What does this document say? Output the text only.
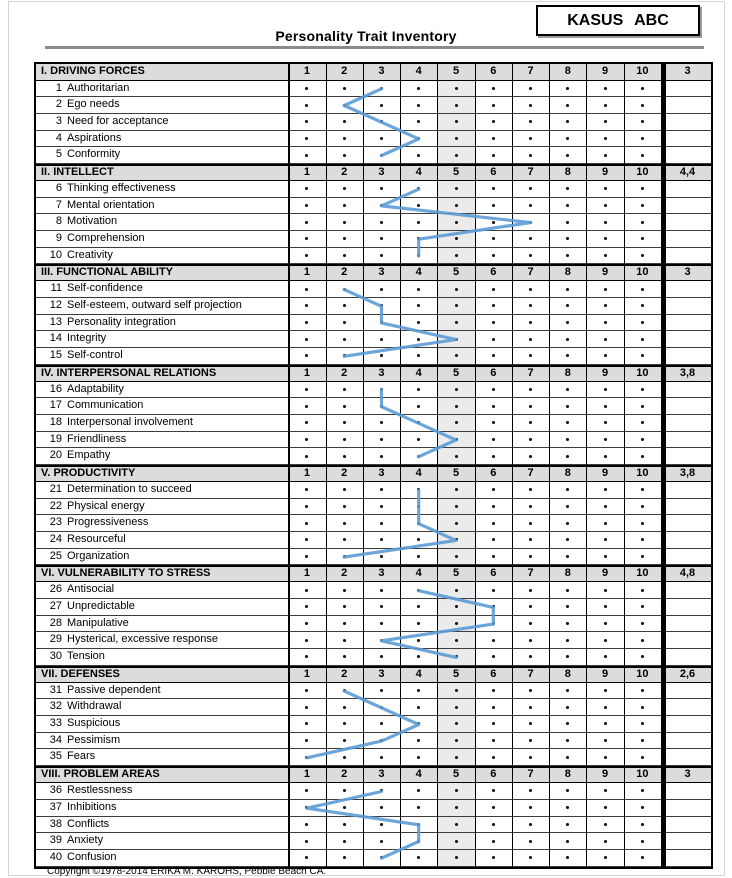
Personality Trait Inventory
KASUS ABC
I. DRIVING FORCES	1	2	3	4	5	6	7	8	9	10	3
1 Authoritarian
2 Ego needs
3 Need for acceptance
4 Aspirations
5 Conformity
II. INTELLECT	1	2	3	4	5	6	7	8	9	10	4,4
6 Thinking effectiveness
7 Mental orientation
8 Motivation
9 Comprehension
10 Creativity
III. FUNCTIONAL ABILITY	1	2	3	4	5	6	7	8	9	10	3
11 Self-confidence
12 Self-esteem, outward self projection
13 Personality integration
14 Integrity
15 Self-control
IV. INTERPERSONAL RELATIONS	1	2	3	4	5	6	7	8	9	10	3,8
16 Adaptability
17 Communication
18 Interpersonal involvement
19 Friendliness
20 Empathy
V. PRODUCTIVITY	1	2	3	4	5	6	7	8	9	10	3,8
21 Determination to succeed
22 Physical energy
23 Progressiveness
24 Resourceful
25 Organization
VI. VULNERABILITY TO STRESS	1	2	3	4	5	6	7	8	9	10	4,8
26 Antisocial
27 Unpredictable
28 Manipulative
29 Hysterical, excessive response
30 Tension
VII. DEFENSES	1	2	3	4	5	6	7	8	9	10	2,6
31 Passive dependent
32 Withdrawal
33 Suspicious
34 Pessimism
35 Fears
VIII. PROBLEM AREAS	1	2	3	4	5	6	7	8	9	10	3
36 Restlessness
37 Inhibitions
38 Conflicts
39 Anxiety
40 Confusion
Copyright ©1978-2014 ERIKA M. KAROHS, Pebble Beach CA.
